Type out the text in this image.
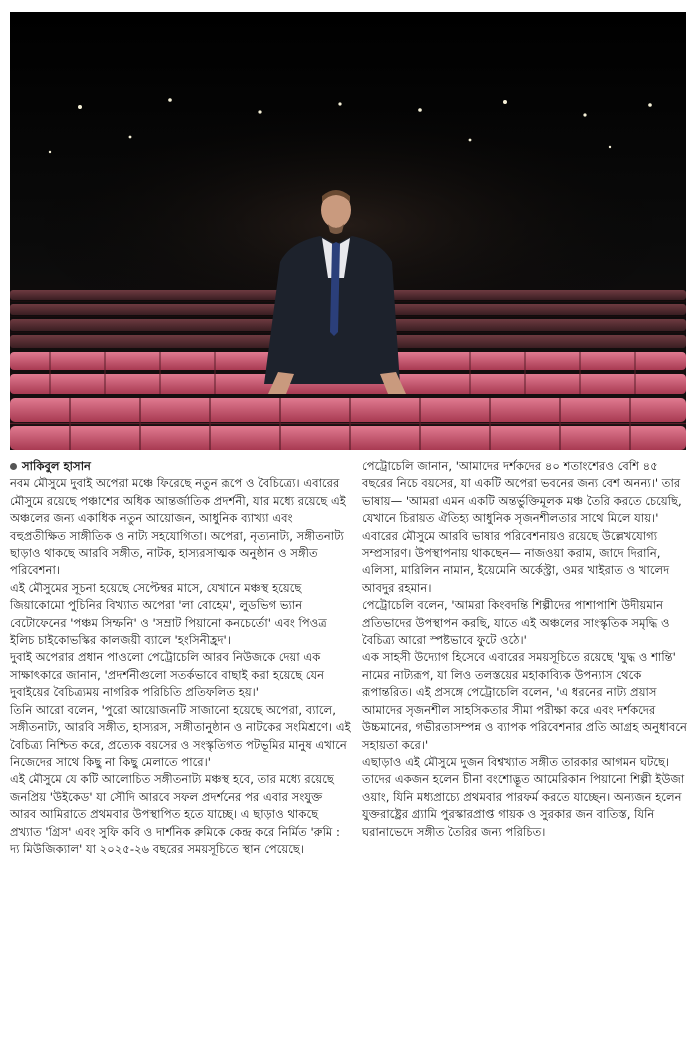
সাকিবুল হাসান

নবম মৌসুমে দুবাই অপেরা মঞ্চে ফিরেছে নতুন রূপে ও বৈচিত্র্যে। এবারের মৌসুমে রয়েছে পঞ্চাশের অধিক আন্তর্জাতিক প্রদর্শনী, যার মধ্যে রয়েছে এই অঞ্চলের জন্য একাধিক নতুন আয়োজন, আধুনিক ব্যাখ্যা এবং বহুপ্রতীক্ষিত সাঙ্গীতিক ও নাট্য সহযোগিতা। অপেরা, নৃত্যনাট্য, সঙ্গীতনাট্য ছাড়াও থাকছে আরবি সঙ্গীত, নাটক, হাস্যরসাত্মক অনুষ্ঠান ও সঙ্গীত পরিবেশনা।

এই মৌসুমের সূচনা হয়েছে সেপ্টেম্বর মাসে, যেখানে মঞ্চস্থ হয়েছে জিয়াকোমো পুচিনির বিখ্যাত অপেরা 'লা বোহেম', লুডভিগ ভ্যান বেটোফেনের 'পঞ্চম সিম্ফনি' ও 'সম্রাট পিয়ানো কনচের্তো' এবং পিওত্র ইলিচ চাইকোভস্কির কালজয়ী ব্যালে 'হংসিনীহ্রদ'।

দুবাই অপেরার প্রধান পাওলো পেট্রোচেলি আরব নিউজকে দেয়া এক সাক্ষাৎকারে জানান, 'প্রদর্শনীগুলো সতর্কভাবে বাছাই করা হয়েছে যেন দুবাইয়ের বৈচিত্র্যময় নাগরিক পরিচিতি প্রতিফলিত হয়।'

তিনি আরো বলেন, 'পুরো আয়োজনটি সাজানো হয়েছে অপেরা, ব্যালে, সঙ্গীতনাট্য, আরবি সঙ্গীত, হাস্যরস, সঙ্গীতানুষ্ঠান ও নাটকের সংমিশ্রণে। এই বৈচিত্র্য নিশ্চিত করে, প্রত্যেক বয়সের ও সংস্কৃতিগত পটভূমির মানুষ এখানে নিজেদের সাথে কিছু না কিছু মেলাতে পারে।'

এই মৌসুমে যে কটি আলোচিত সঙ্গীতনাট্য মঞ্চস্থ হবে, তার মধ্যে রয়েছে জনপ্রিয় 'উইকেড' যা সৌদি আরবে সফল প্রদর্শনের পর এবার সংযুক্ত আরব আমিরাতে প্রথমবার উপস্থাপিত হতে যাচ্ছে। এ ছাড়াও থাকছে প্রখ্যাত 'গ্রিস' এবং সুফি কবি ও দার্শনিক রুমিকে কেন্দ্র করে নির্মিত 'রুমি : দ্য মিউজিক্যাল' যা ২০২৫-২৬ বছরের সময়সূচিতে স্থান পেয়েছে।

পেট্রোচেলি জানান, 'আমাদের দর্শকদের ৪০ শতাংশেরও বেশি ৪৫ বছরের নিচে বয়সের, যা একটি অপেরা ভবনের জন্য বেশ অনন্য।' তার ভাষায়— 'আমরা এমন একটি অন্তর্ভুক্তিমূলক মঞ্চ তৈরি করতে চেয়েছি, যেখানে চিরায়ত ঐতিহ্য আধুনিক সৃজনশীলতার সাথে মিলে যায়।'

এবারের মৌসুমে আরবি ভাষার পরিবেশনায়ও রয়েছে উল্লেখযোগ্য সম্প্রসারণ। উপস্থাপনায় থাকছেন— নাজওয়া করাম, জাদে দিরানি, এলিসা, মারিলিন নামান, ইয়েমেনি অর্কেস্ট্রা, ওমর খাইরাত ও খালেদ আবদুর রহমান।

পেট্রোচেলি বলেন, 'আমরা কিংবদন্তি শিল্পীদের পাশাপাশি উদীয়মান প্রতিভাদের উপস্থাপন করছি, যাতে এই অঞ্চলের সাংস্কৃতিক সমৃদ্ধি ও বৈচিত্র্য আরো স্পষ্টভাবে ফুটে ওঠে।'

এক সাহসী উদ্যোগ হিসেবে এবারের সময়সূচিতে রয়েছে 'যুদ্ধ ও শান্তি' নামের নাট্যরূপ, যা লিও তলস্তয়ের মহাকাব্যিক উপন্যাস থেকে রূপান্তরিত। এই প্রসঙ্গে পেট্রোচেলি বলেন, 'এ ধরনের নাট্য প্রয়াস আমাদের সৃজনশীল সাহসিকতার সীমা পরীক্ষা করে এবং দর্শকদের উচ্চমানের, গভীরতাসম্পন্ন ও ব্যাপক পরিবেশনার প্রতি আগ্রহ অনুধাবনে সহায়তা করে।'

এছাড়াও এই মৌসুমে দুজন বিশ্বখ্যাত সঙ্গীত তারকার আগমন ঘটছে। তাদের একজন হলেন চীনা বংশোদ্ভূত আমেরিকান পিয়ানো শিল্পী ইউজা ওয়াং, যিনি মধ্যপ্রাচ্যে প্রথমবার পারফর্ম করতে যাচ্ছেন। অন্যজন হলেন যুক্তরাষ্ট্রের গ্র্যামি পুরস্কারপ্রাপ্ত গায়ক ও সুরকার জন বাতিস্ত, যিনি ঘরানাভেদে সঙ্গীত তৈরির জন্য পরিচিত।
